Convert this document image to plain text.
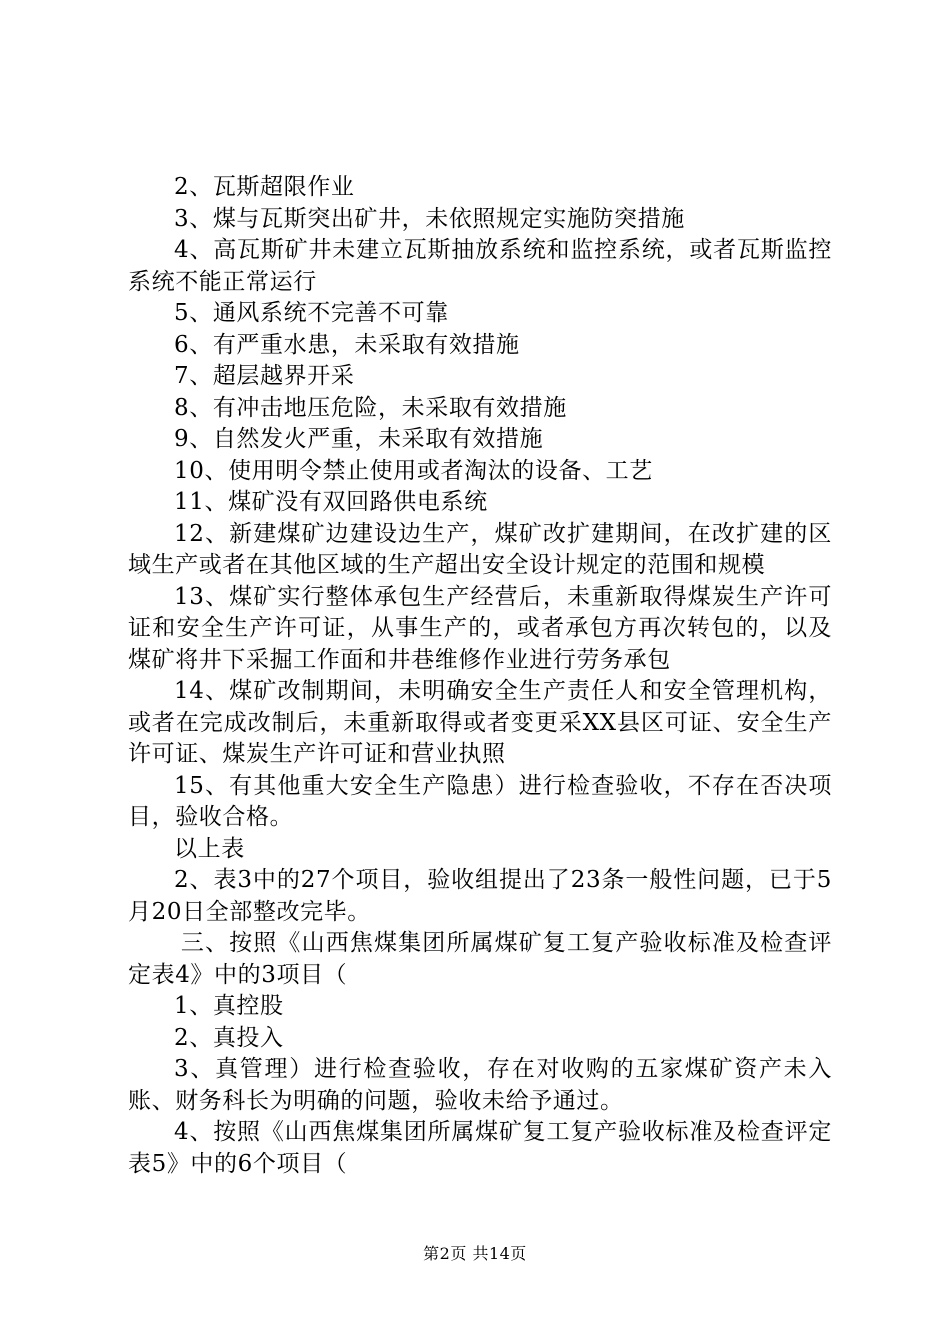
2、瓦斯超限作业

3、煤与瓦斯突出矿井，未依照规定实施防突措施

4、高瓦斯矿井未建立瓦斯抽放系统和监控系统，或者瓦斯监控系统不能正常运行

5、通风系统不完善不可靠

6、有严重水患，未采取有效措施

7、超层越界开采

8、有冲击地压危险，未采取有效措施

9、自然发火严重，未采取有效措施

10、使用明令禁止使用或者淘汰的设备、工艺

11、煤矿没有双回路供电系统

12、新建煤矿边建设边生产，煤矿改扩建期间，在改扩建的区域生产或者在其他区域的生产超出安全设计规定的范围和规模

13、煤矿实行整体承包生产经营后，未重新取得煤炭生产许可证和安全生产许可证，从事生产的，或者承包方再次转包的，以及煤矿将井下采掘工作面和井巷维修作业进行劳务承包

14、煤矿改制期间，未明确安全生产责任人和安全管理机构，或者在完成改制后，未重新取得或者变更采XX县区可证、安全生产许可证、煤炭生产许可证和营业执照

15、有其他重大安全生产隐患）进行检查验收，不存在否决项目，验收合格。

以上表

2、表3中的27个项目，验收组提出了23条一般性问题，已于5月20日全部整改完毕。

三、按照《山西焦煤集团所属煤矿复工复产验收标准及检查评定表4》中的3项目（

1、真控股

2、真投入

3、真管理）进行检查验收，存在对收购的五家煤矿资产未入账、财务科长为明确的问题，验收未给予通过。

4、按照《山西焦煤集团所属煤矿复工复产验收标准及检查评定表5》中的6个项目（

第2页 共14页
